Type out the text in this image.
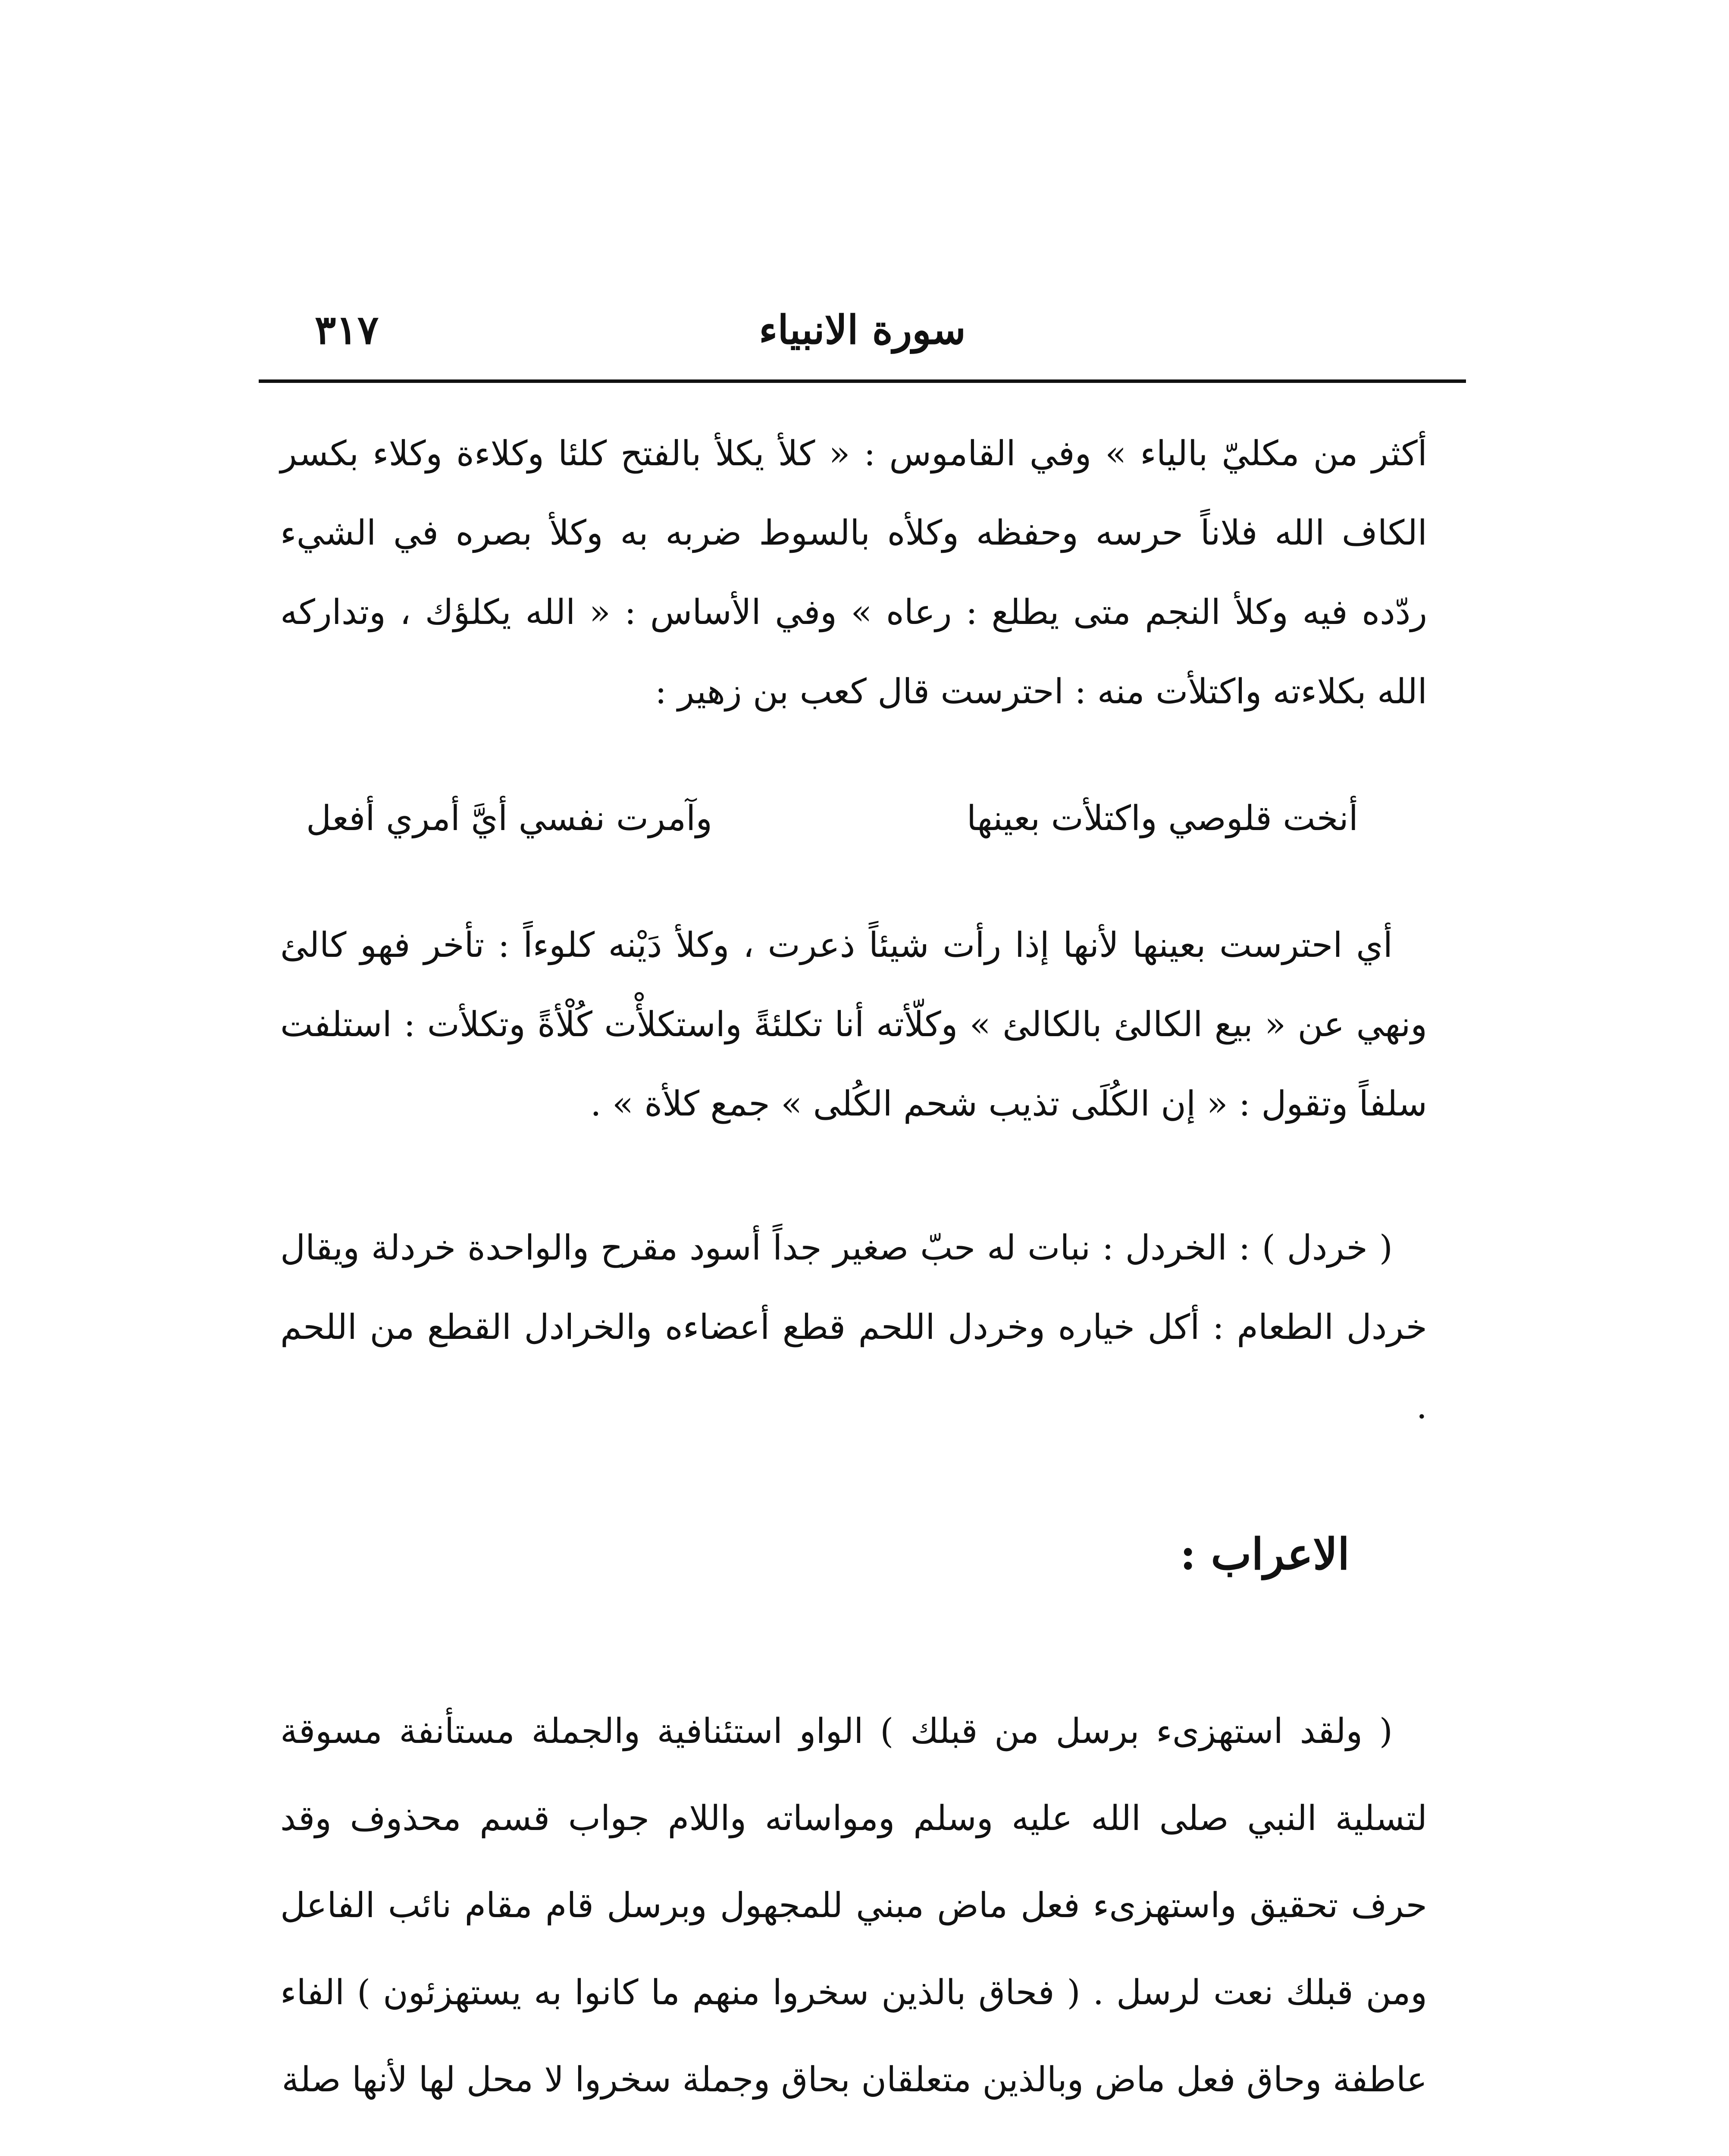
سورة الانبياء
٣١٧

أكثر من مكليّ بالياء » وفي القاموس : « كلأ يكلأ بالفتح كلئا وكلاءة وكلاء بكسر الكاف الله فلاناً حرسه وحفظه وكلأه بالسوط ضربه به وكلأ بصره في الشيء ردّده فيه وكلأ النجم متى يطلع : رعاه » وفي الأساس : « الله يكلؤك ، وتداركه الله بكلاءته واكتلأت منه : احترست قال كعب بن زهير :

أنخت قلوصي واكتلأت بعينها
وآمرت نفسي أيَّ أمري أفعل

أي احترست بعينها لأنها إذا رأت شيئاً ذعرت ، وكلأ دَيْنه كلوءاً : تأخر فهو كالئ ونهي عن « بيع الكالئ بالكالئ » وكلّأته أنا تكلئةً واستكلأْت كُلْأةً وتكلأت : استلفت سلفاً وتقول : « إن الكُلَى تذيب شحم الكُلى » جمع كلأة » .

( خردل ) : الخردل : نبات له حبّ صغير جداً أسود مقرح والواحدة خردلة ويقال خردل الطعام : أكل خياره وخردل اللحم قطع أعضاءه والخرادل القطع من اللحم .

الاعراب :

( ولقد استهزىء برسل من قبلك ) الواو استئنافية والجملة مستأنفة مسوقة لتسلية النبي صلى الله عليه وسلم ومواساته واللام جواب قسم محذوف وقد حرف تحقيق واستهزىء فعل ماض مبني للمجهول وبرسل قام مقام نائب الفاعل ومن قبلك نعت لرسل . ( فحاق بالذين سخروا منهم ما كانوا به يستهزئون ) الفاء عاطفة وحاق فعل ماض وبالذين متعلقان بحاق وجملة سخروا لا محل لها لأنها صلة
